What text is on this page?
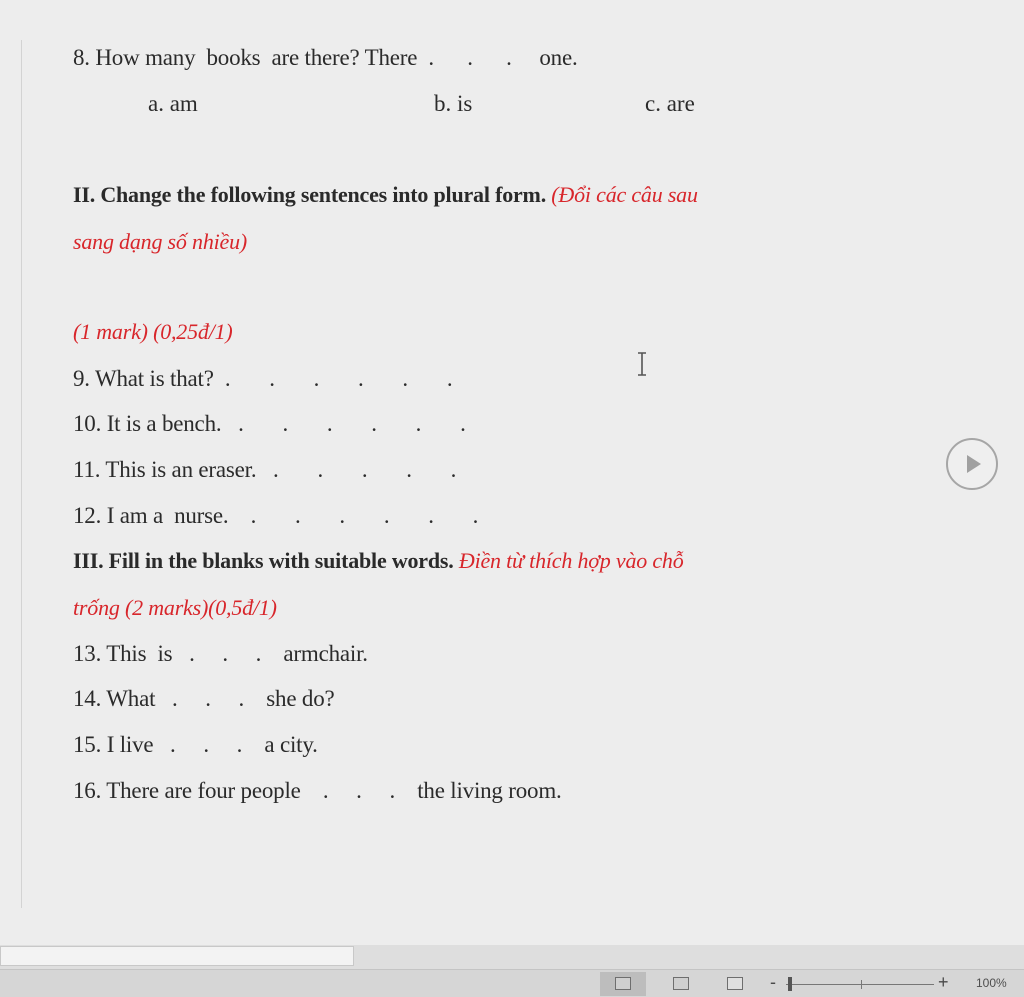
8. How many  books  are there? There  .      .      .     one.
a. am	b. is	c. are
II. Change the following sentences into plural form. (Đổi các câu sau
sang dạng số nhiều)
(1 mark) (0,25đ/1)
9. What is that?  .       .       .       .       .       .
10. It is a bench.   .       .       .       .       .       .
11. This is an eraser.   .       .       .       .       .
12. I am a  nurse.    .       .       .       .       .       .
III. Fill in the blanks with suitable words. Điền từ thích hợp vào chỗ
trống (2 marks)(0,5đ/1)
13. This  is   .     .     .    armchair.
14. What   .     .     .    she do?
15. I live   .     .     .    a city.
16. There are four people    .     .     .    the living room.
-	+ 100%
